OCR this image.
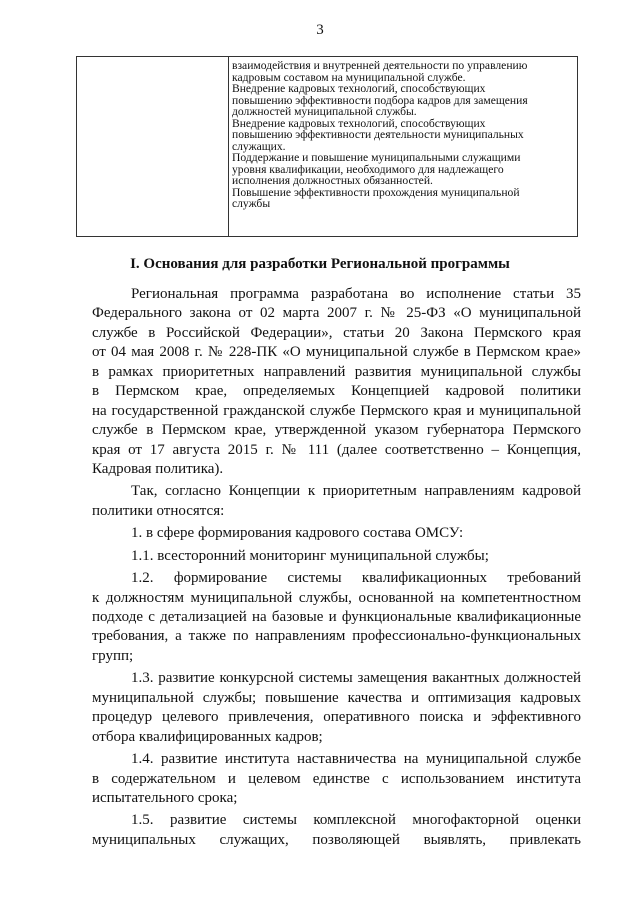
3
взаимодействия и внутренней деятельности по управлению
кадровым составом на муниципальной службе.
Внедрение кадровых технологий, способствующих
повышению эффективности подбора кадров для замещения
должностей муниципальной службы.
Внедрение кадровых технологий, способствующих
повышению эффективности деятельности муниципальных
служащих.
Поддержание и повышение муниципальными служащими
уровня квалификации, необходимого для надлежащего
исполнения должностных обязанностей.
Повышение эффективности прохождения муниципальной
службы
I. Основания для разработки Региональной программы
Региональная программа разработана во исполнение статьи 35
Федерального закона от 02 марта 2007 г. № 25-ФЗ «О муниципальной
службе в Российской Федерации», статьи 20 Закона Пермского края
от 04 мая 2008 г. № 228-ПК «О муниципальной службе в Пермском крае»
в рамках приоритетных направлений развития муниципальной службы
в Пермском крае, определяемых Концепцией кадровой политики
на государственной гражданской службе Пермского края и муниципальной
службе в Пермском крае, утвержденной указом губернатора Пермского
края от 17 августа 2015 г. № 111 (далее соответственно – Концепция,
Кадровая политика).
Так, согласно Концепции к приоритетным направлениям кадровой
политики относятся:
1. в сфере формирования кадрового состава ОМСУ:
1.1. всесторонний мониторинг муниципальной службы;
1.2. формирование системы квалификационных требований
к должностям муниципальной службы, основанной на компетентностном
подходе с детализацией на базовые и функциональные квалификационные
требования, а также по направлениям профессионально-функциональных
групп;
1.3. развитие конкурсной системы замещения вакантных должностей
муниципальной службы; повышение качества и оптимизация кадровых
процедур целевого привлечения, оперативного поиска и эффективного
отбора квалифицированных кадров;
1.4. развитие института наставничества на муниципальной службе
в содержательном и целевом единстве с использованием института
испытательного срока;
1.5. развитие системы комплексной многофакторной оценки
муниципальных служащих, позволяющей выявлять, привлекать
